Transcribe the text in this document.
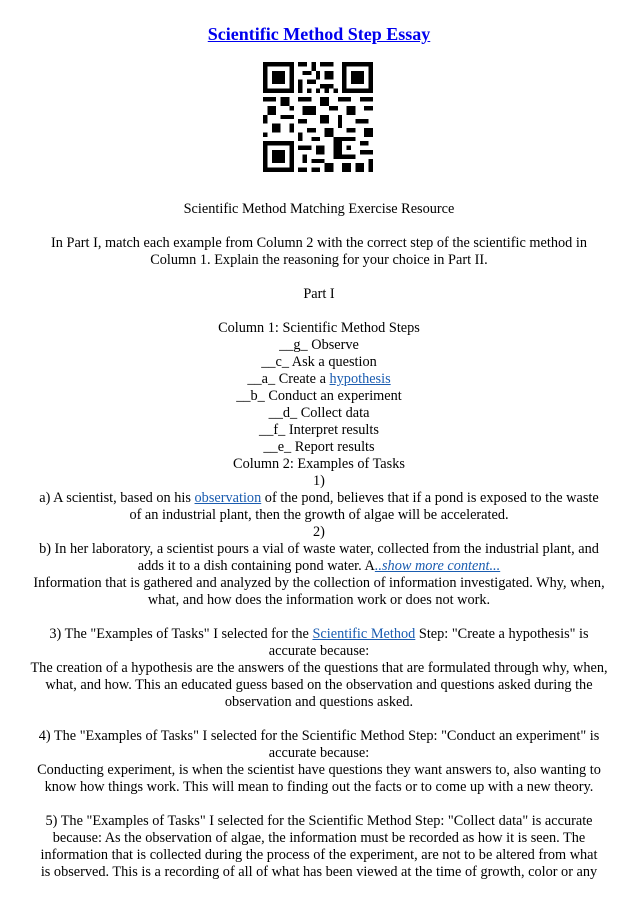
Scientific Method Step Essay
Scientific Method Matching Exercise Resource
In Part I, match each example from Column 2 with the correct step of the scientific method in
Column 1. Explain the reasoning for your choice in Part II.
Part I
Column 1: Scientific Method Steps
__g_ Observe
__c_ Ask a question
__a_ Create a hypothesis
__b_ Conduct an experiment
__d_ Collect data
__f_ Interpret results
__e_ Report results
Column 2: Examples of Tasks
1)
a) A scientist, based on his observation of the pond, believes that if a pond is exposed to the waste
of an industrial plant, then the growth of algae will be accelerated.
2)
b) In her laboratory, a scientist pours a vial of waste water, collected from the industrial plant, and
adds it to a dish containing pond water. A..show more content...
Information that is gathered and analyzed by the collection of information investigated. Why, when,
what, and how does the information work or does not work.
3) The "Examples of Tasks" I selected for the Scientific Method Step: "Create a hypothesis" is
accurate because:
The creation of a hypothesis are the answers of the questions that are formulated through why, when,
what, and how. This an educated guess based on the observation and questions asked during the
observation and questions asked.
4) The "Examples of Tasks" I selected for the Scientific Method Step: "Conduct an experiment" is
accurate because:
Conducting experiment, is when the scientist have questions they want answers to, also wanting to
know how things work. This will mean to finding out the facts or to come up with a new theory.
5) The "Examples of Tasks" I selected for the Scientific Method Step: "Collect data" is accurate
because: As the observation of algae, the information must be recorded as how it is seen. The
information that is collected during the process of the experiment, are not to be altered from what
is observed. This is a recording of all of what has been viewed at the time of growth, color or any
